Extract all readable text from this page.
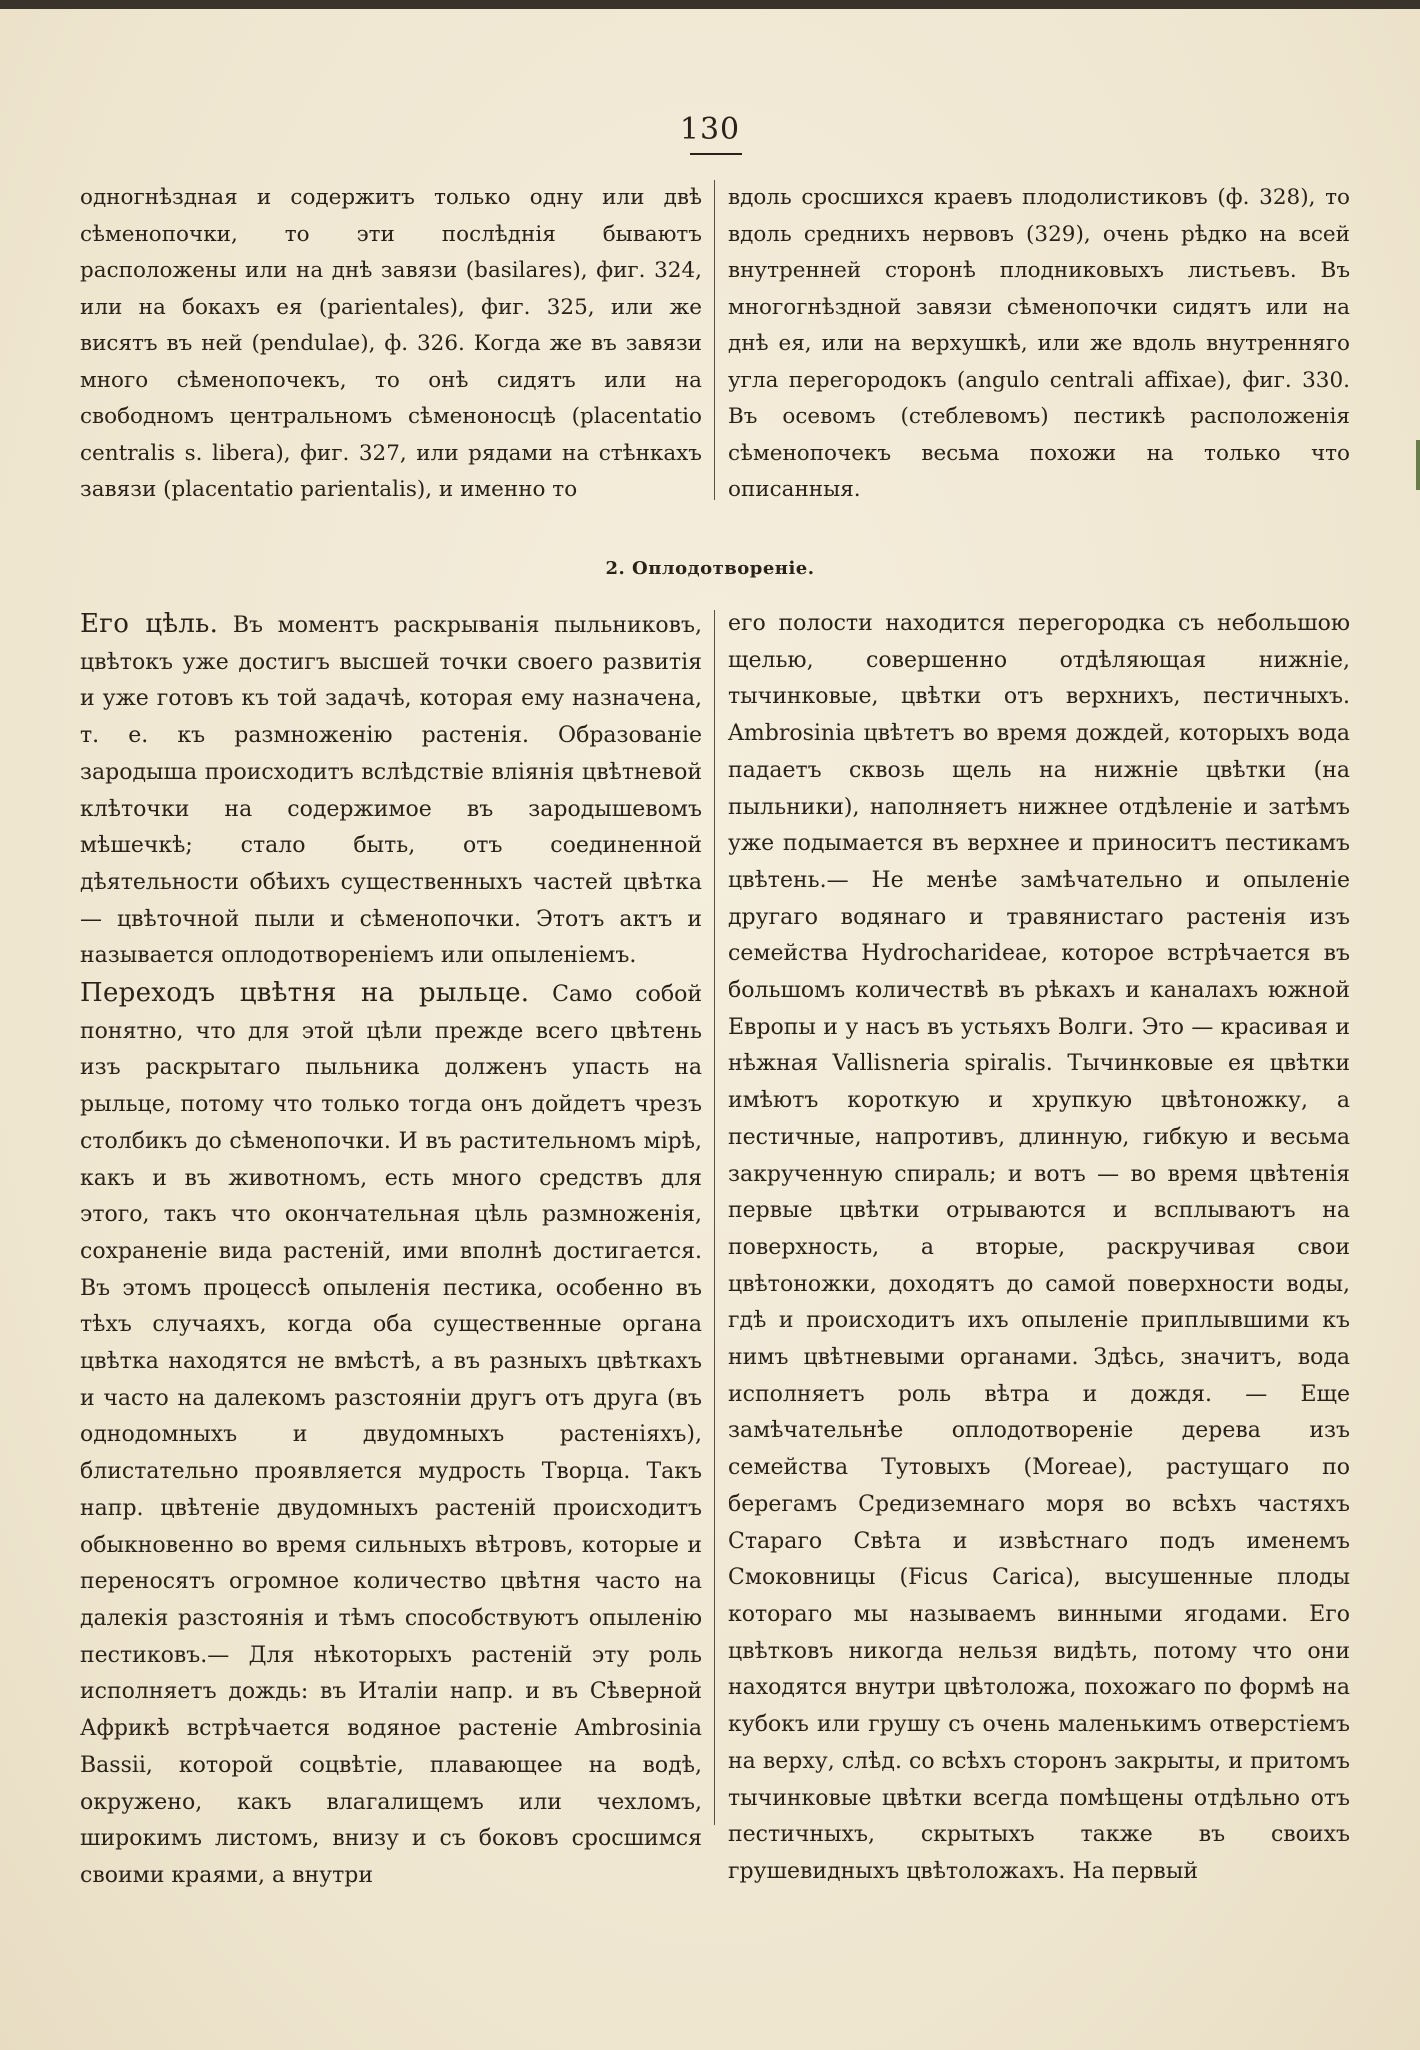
130

одногнѣздная и содержитъ только одну или двѣ сѣменопочки, то эти послѣднія бываютъ расположены или на днѣ завязи (basilares), фиг. 324, или на бокахъ ея (parientales), фиг. 325, или же висятъ въ ней (pendulae), ф. 326. Когда же въ завязи много сѣменопочекъ, то онѣ сидятъ или на свободномъ центральномъ сѣменоносцѣ (placentatio centralis s. libera), фиг. 327, или рядами на стѣнкахъ завязи (placentatio parientalis), и именно то

вдоль сросшихся краевъ плодолистиковъ (ф. 328), то вдоль среднихъ нервовъ (329), очень рѣдко на всей внутренней сторонѣ плодниковыхъ листьевъ. Въ многогнѣздной завязи сѣменопочки сидятъ или на днѣ ея, или на верхушкѣ, или же вдоль внутренняго угла перегородокъ (angulo centrali affixae), фиг. 330. Въ осевомъ (стеблевомъ) пестикѣ расположенія сѣменопочекъ весьма похожи на только что описанныя.

2. Оплодотвореніе.

Его цѣль. Въ моментъ раскрыванія пыльниковъ, цвѣтокъ уже достигъ высшей точки своего развитія и уже готовъ къ той задачѣ, которая ему назначена, т. е. къ размноженію растенія. Образованіе зародыша происходитъ вслѣдствіе вліянія цвѣтневой клѣточки на содержимое въ зародышевомъ мѣшечкѣ; стало быть, отъ соединенной дѣятельности обѣихъ существенныхъ частей цвѣтка — цвѣточной пыли и сѣменопочки. Этотъ актъ и называется оплодотвореніемъ или опыленіемъ.

Переходъ цвѣтня на рыльце. Само собой понятно, что для этой цѣли прежде всего цвѣтень изъ раскрытаго пыльника долженъ упасть на рыльце, потому что только тогда онъ дойдетъ чрезъ столбикъ до сѣменопочки. И въ растительномъ мірѣ, какъ и въ животномъ, есть много средствъ для этого, такъ что окончательная цѣль размноженія, сохраненіе вида растеній, ими вполнѣ достигается. Въ этомъ процессѣ опыленія пестика, особенно въ тѣхъ случаяхъ, когда оба существенные органа цвѣтка находятся не вмѣстѣ, а въ разныхъ цвѣткахъ и часто на далекомъ разстояніи другъ отъ друга (въ однодомныхъ и двудомныхъ растеніяхъ), блистательно проявляется мудрость Творца. Такъ напр. цвѣтеніе двудомныхъ растеній происходитъ обыкновенно во время сильныхъ вѣтровъ, которые и переносятъ огромное количество цвѣтня часто на далекія разстоянія и тѣмъ способствуютъ опыленію пестиковъ.— Для нѣкоторыхъ растеній эту роль исполняетъ дождь: въ Италіи напр. и въ Сѣверной Африкѣ встрѣчается водяное растеніе Ambrosinia Bassii, которой соцвѣтіе, плавающее на водѣ, окружено, какъ влагалищемъ или чехломъ, широкимъ листомъ, внизу и съ боковъ сросшимся своими краями, а внутри

его полости находится перегородка съ небольшою щелью, совершенно отдѣляющая нижніе, тычинковые, цвѣтки отъ верхнихъ, пестичныхъ. Ambrosinia цвѣтетъ во время дождей, которыхъ вода падаетъ сквозь щель на нижніе цвѣтки (на пыльники), наполняетъ нижнее отдѣленіе и затѣмъ уже подымается въ верхнее и приноситъ пестикамъ цвѣтень.— Не менѣе замѣчательно и опыленіе другаго водянаго и травянистаго растенія изъ семейства Hydrocharideae, которое встрѣчается въ большомъ количествѣ въ рѣкахъ и каналахъ южной Европы и у насъ въ устьяхъ Волги. Это — красивая и нѣжная Vallisneria spiralis. Тычинковые ея цвѣтки имѣютъ короткую и хрупкую цвѣтоножку, а пестичные, напротивъ, длинную, гибкую и весьма закрученную спираль; и вотъ — во время цвѣтенія первые цвѣтки отрываются и всплываютъ на поверхность, а вторые, раскручивая свои цвѣтоножки, доходятъ до самой поверхности воды, гдѣ и происходитъ ихъ опыленіе приплывшими къ нимъ цвѣтневыми органами. Здѣсь, значитъ, вода исполняетъ роль вѣтра и дождя. — Еще замѣчательнѣе оплодотвореніе дерева изъ семейства Тутовыхъ (Moreae), растущаго по берегамъ Средиземнаго моря во всѣхъ частяхъ Стараго Свѣта и извѣстнаго подъ именемъ Смоковницы (Ficus Carica), высушенные плоды котораго мы называемъ винными ягодами. Его цвѣтковъ никогда нельзя видѣть, потому что они находятся внутри цвѣтоложа, похожаго по формѣ на кубокъ или грушу съ очень маленькимъ отверстіемъ на верху, слѣд. со всѣхъ сторонъ закрыты, и притомъ тычинковые цвѣтки всегда помѣщены отдѣльно отъ пестичныхъ, скрытыхъ также въ своихъ грушевидныхъ цвѣтоложахъ. На первый
